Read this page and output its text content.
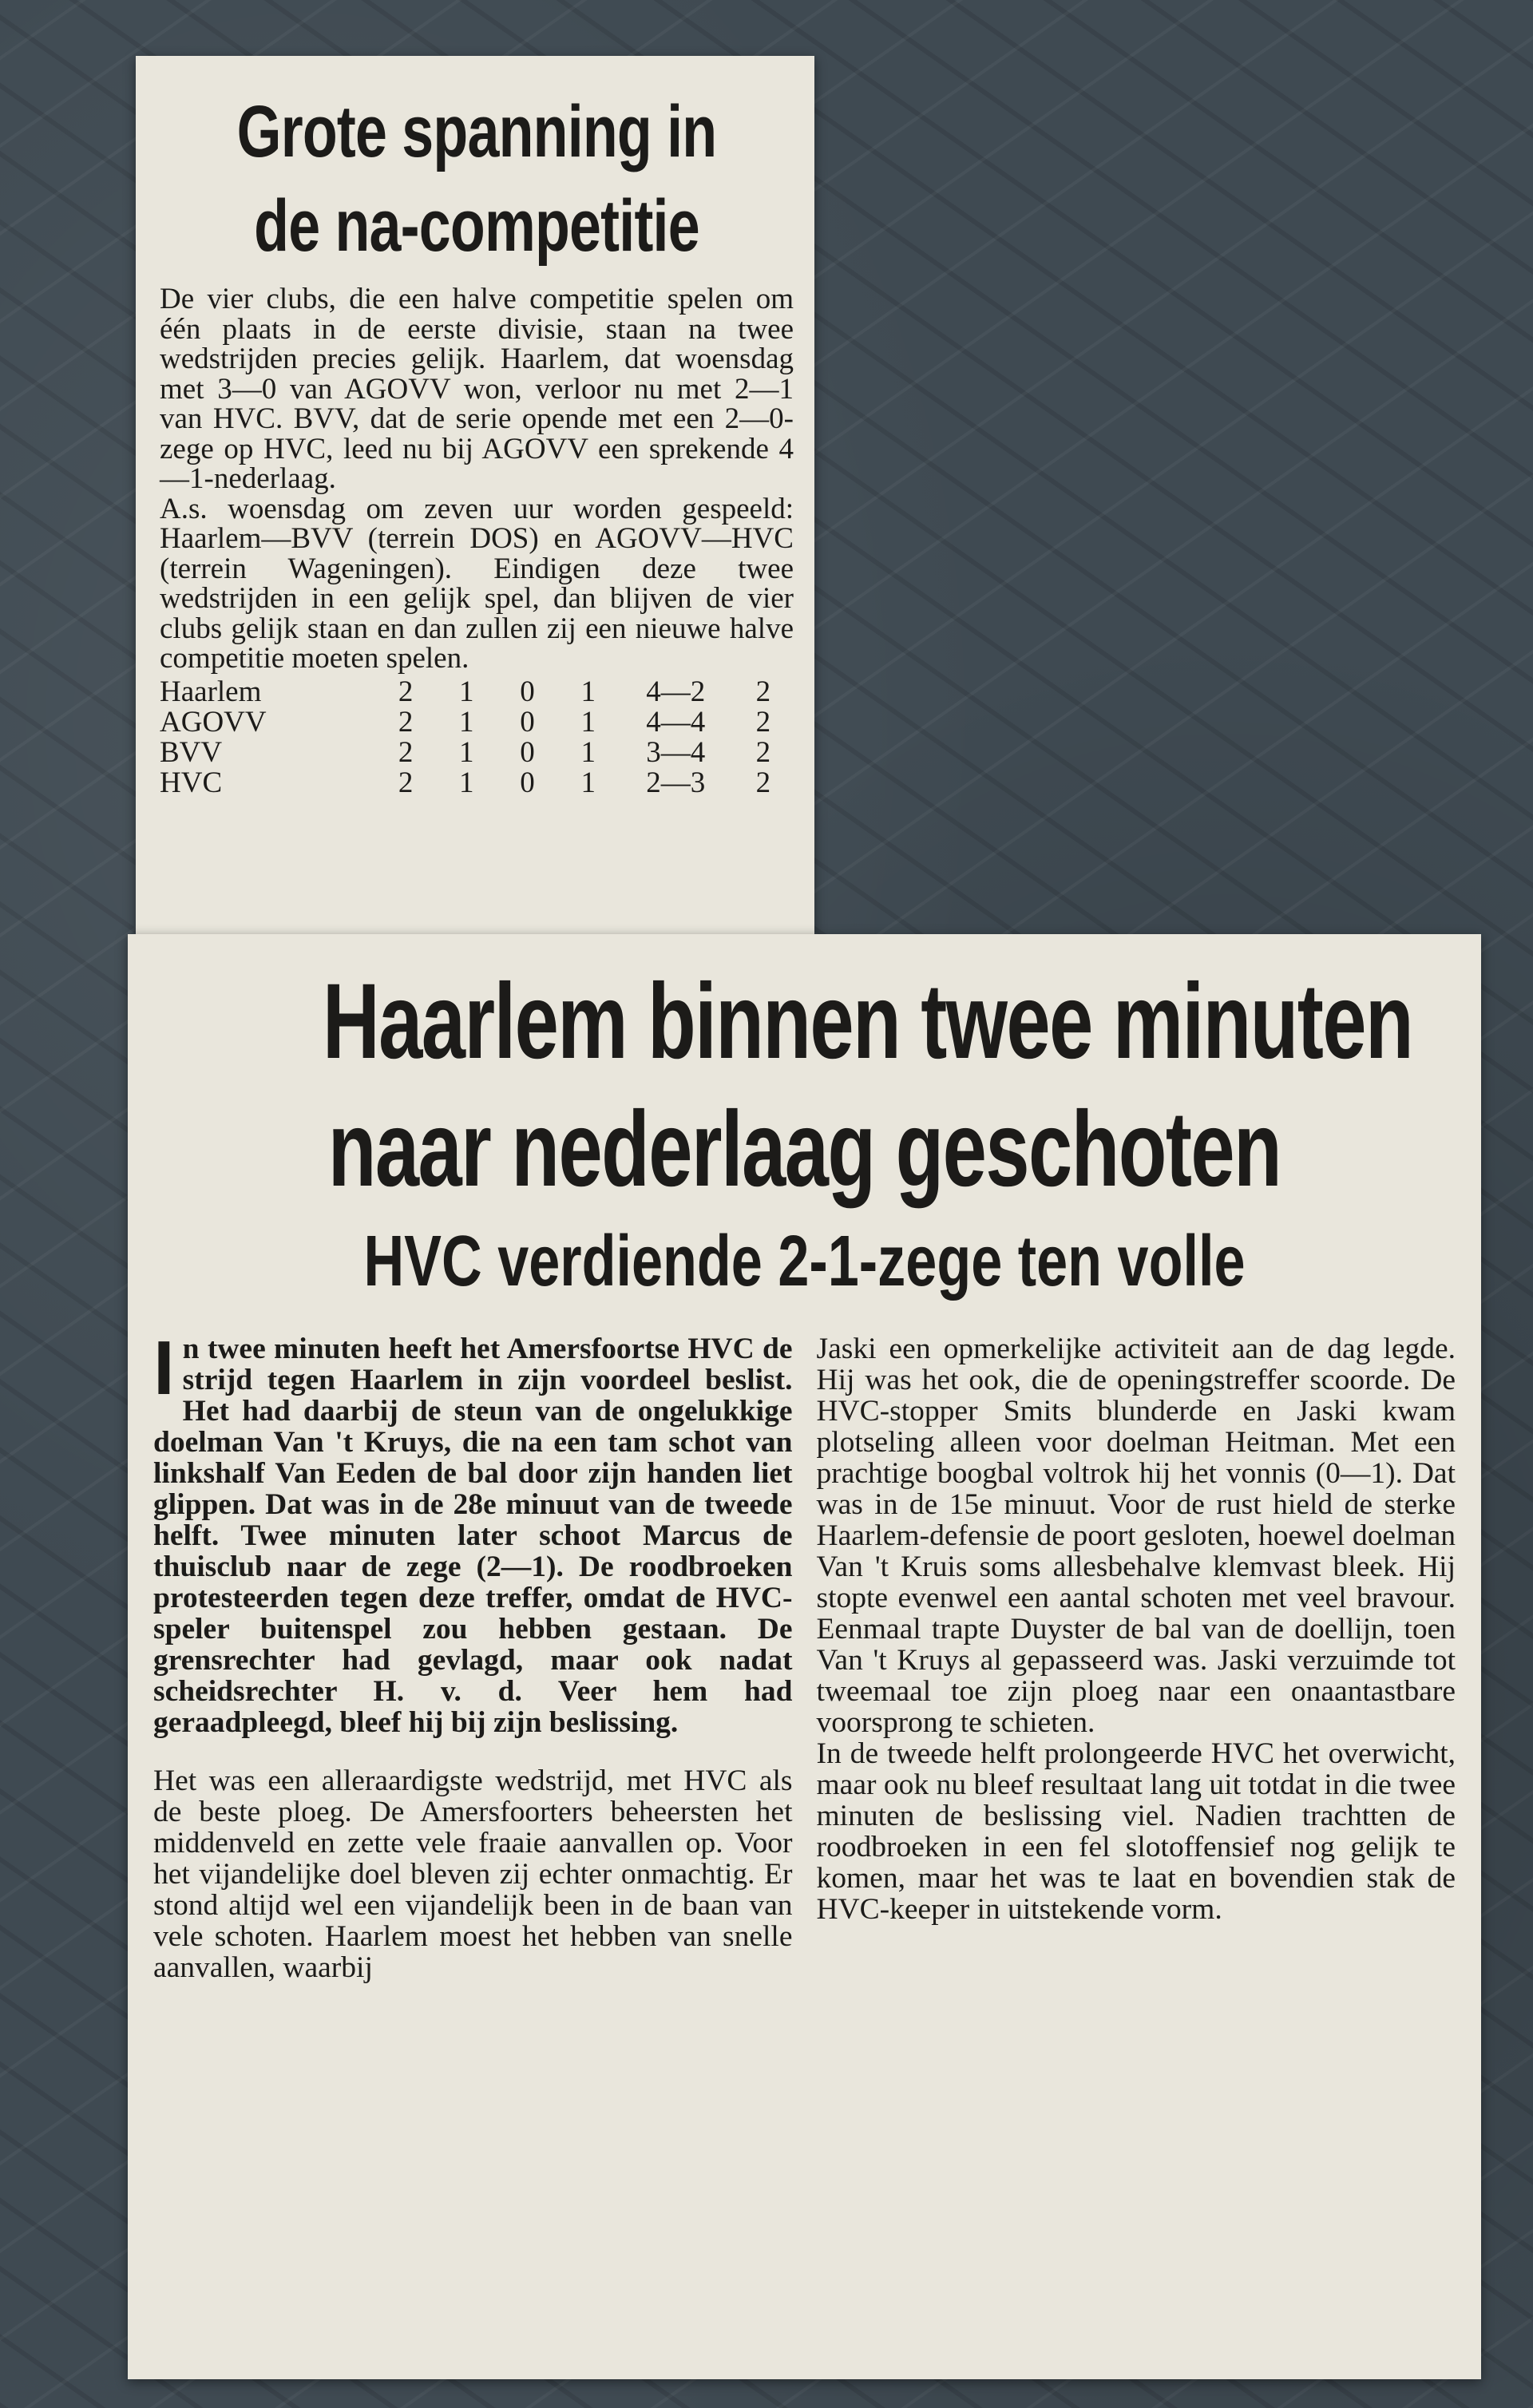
Grote spanning in
de na-competitie

De vier clubs, die een halve competitie spelen om één plaats in de eerste divisie, staan na twee wedstrijden precies gelijk. Haarlem, dat woensdag met 3—0 van AGOVV won, verloor nu met 2—1 van HVC. BVV, dat de serie opende met een 2—0-zege op HVC, leed nu bij AGOVV een sprekende 4—1-nederlaag.

A.s. woensdag om zeven uur worden gespeeld: Haarlem—BVV (terrein DOS) en AGOVV—HVC (terrein Wageningen). Eindigen deze twee wedstrijden in een gelijk spel, dan blijven de vier clubs gelijk staan en dan zullen zij een nieuwe halve competitie moeten spelen.

Haarlem	2	1	0	1	4—2	2
AGOVV	2	1	0	1	4—4	2
BVV	2	1	0	1	3—4	2
HVC	2	1	0	1	2—3	2
Haarlem binnen twee minuten
naar nederlaag geschoten
HVC verdiende 2-1-zege ten volle

In twee minuten heeft het Amersfoortse HVC de strijd tegen Haarlem in zijn voordeel beslist. Het had daarbij de steun van de ongelukkige doelman Van 't Kruys, die na een tam schot van linkshalf Van Eeden de bal door zijn handen liet glippen. Dat was in de 28e minuut van de tweede helft. Twee minuten later schoot Marcus de thuisclub naar de zege (2—1). De roodbroeken protesteerden tegen deze treffer, omdat de HVC-speler buitenspel zou hebben gestaan. De grensrechter had gevlagd, maar ook nadat scheidsrechter H. v. d. Veer hem had geraadpleegd, bleef hij bij zijn beslissing.

Het was een alleraardigste wedstrijd, met HVC als de beste ploeg. De Amersfoorters beheersten het middenveld en zette vele fraaie aanvallen op. Voor het vijandelijke doel bleven zij echter onmachtig. Er stond altijd wel een vijandelijk been in de baan van vele schoten. Haarlem moest het hebben van snelle aanvallen, waarbij

Jaski een opmerkelijke activiteit aan de dag legde. Hij was het ook, die de openingstreffer scoorde. De HVC-stopper Smits blunderde en Jaski kwam plotseling alleen voor doelman Heitman. Met een prachtige boogbal voltrok hij het vonnis (0—1). Dat was in de 15e minuut. Voor de rust hield de sterke Haarlem-defensie de poort gesloten, hoewel doelman Van 't Kruis soms allesbehalve klemvast bleek. Hij stopte evenwel een aantal schoten met veel bravour. Eenmaal trapte Duyster de bal van de doellijn, toen Van 't Kruys al gepasseerd was. Jaski verzuimde tot tweemaal toe zijn ploeg naar een onaantastbare voorsprong te schieten.

In de tweede helft prolongeerde HVC het overwicht, maar ook nu bleef resultaat lang uit totdat in die twee minuten de beslissing viel. Nadien trachtten de roodbroeken in een fel slotoffensief nog gelijk te komen, maar het was te laat en bovendien stak de HVC-keeper in uitstekende vorm.
